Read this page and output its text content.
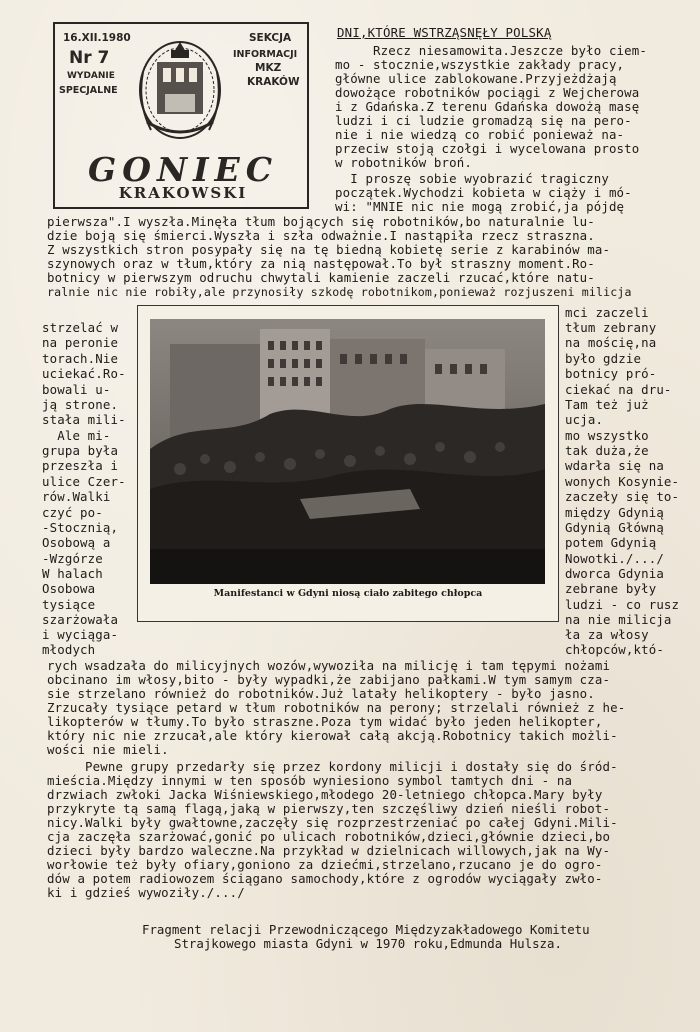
16.XII.1980
Nr 7
WYDANIE
SPECJALNE
SEKCJA
INFORMACJI
MKZ
KRAKÓW
GONIEC
KRAKOWSKI
DNI,KTÓRE WSTRZĄSNĘŁY POLSKĄ
Rzecz niesamowita.Jeszcze było ciem-
mo - stocznie,wszystkie zakłady pracy,
główne ulice zablokowane.Przyjeżdżają
dowożące robotników pociągi z Wejcherowa
i z Gdańska.Z terenu Gdańska dowożą masę
ludzi i ci ludzie gromadzą się na pero-
nie i nie wiedzą co robić ponieważ na-
przeciw stoją czołgi i wycelowana prosto
w robotników broń.
I proszę sobie wyobrazić tragiczny
początek.Wychodzi kobieta w ciąży i mó-
wi: "MNIE nic nie mogą zrobić,ja pójdę
pierwsza".I wyszła.Minęła tłum bojących się robotników,bo naturalnie lu-
dzie boją się śmierci.Wyszła i szła odważnie.I nastąpiła rzecz straszna.
Z wszystkich stron posypały się na tę biedną kobietę serie z karabinów ma-
szynowych oraz w tłum,który za nią następował.To był straszny moment.Ro-
botnicy w pierwszym odruchu chwytali kamienie zaczeli rzucać,które natu-
ralnie nic nie robiły,ale przynosiły szkodę robotnikom,ponieważ rozjuszeni milicja
strzelać w
na peronie
torach.Nie
uciekać.Ro-
bowali u-
ją strone.
stała mili-
Ale mi-
grupa była
przeszła i
ulice Czer-
rów.Walki
czyć po-
-Stocznią,
Osobową a
-Wzgórze
W halach
Osobowa
tysiące
szarżowała
i wyciąga-
młodych
mci zaczeli
tłum zebrany
na mościę,na
było gdzie
botnicy pró-
ciekać na dru-
Tam też już
ucja.
mo wszystko
tak duża,że
wdarła się na
wonych Kosynie-
zaczeły się to-
między Gdynią
Gdynią Główną
potem Gdynią
Nowotki./.../
dworca Gdynia
zebrane były
ludzi - co rusz
na nie milicja
ła za włosy
chłopców,któ-
Manifestanci w Gdyni niosą ciało zabitego chłopca
rych wsadzała do milicyjnych wozów,wywoziła na milicję i tam tępymi nożami
obcinano im włosy,bito - były wypadki,że zabijano pałkami.W tym samym cza-
sie strzelano również do robotników.Już latały helikoptery - było jasno.
Zrzucały tysiące petard w tłum robotników na perony; strzelali również z he-
likopterów w tłumy.To było straszne.Poza tym widać było jeden helikopter,
który nic nie zrzucał,ale który kierował całą akcją.Robotnicy takich możli-
wości nie mieli.
Pewne grupy przedarły się przez kordony milicji i dostały się do śród-
mieścia.Między innymi w ten sposób wyniesiono symbol tamtych dni - na
drzwiach zwłoki Jacka Wiśniewskiego,młodego 20-letniego chłopca.Mary były
przykryte tą samą flagą,jaką w pierwszy,ten szczęśliwy dzień nieśli robot-
nicy.Walki były gwałtowne,zaczęły się rozprzestrzeniać po całej Gdyni.Mili-
cja zaczęła szarżować,gonić po ulicach robotników,dzieci,głównie dzieci,bo
dzieci były bardzo waleczne.Na przykład w dzielnicach willowych,jak na Wy-
worłowie też były ofiary,goniono za dziećmi,strzelano,rzucano je do ogro-
dów a potem radiowozem ściągano samochody,które z ogrodów wyciągały zwło-
ki i gdzieś wywoziły./.../
Fragment relacji Przewodniczącego Międzyzakładowego Komitetu
Strajkowego miasta Gdyni w 1970 roku,Edmunda Hulsza.
